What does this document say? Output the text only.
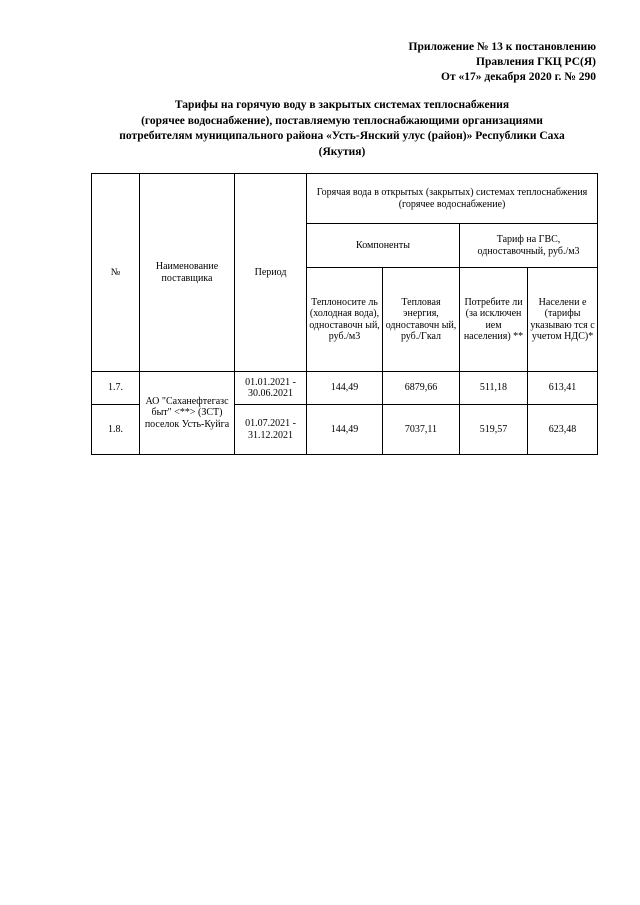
Приложение № 13 к постановлению
Правления ГКЦ РС(Я)
От «17» декабря 2020 г. № 290
Тарифы на горячую воду в закрытых системах теплоснабжения
(горячее водоснабжение), поставляемую теплоснабжающими организациями
потребителям муниципального района «Усть-Янский улус (район)» Республики Саха
(Якутия)
№	Наименование поставщика	Период	Горячая вода в открытых (закрытых) системах теплоснабжения (горячее водоснабжение)			
			Компоненты		Тариф на ГВС, одноставочный, руб./м3	
			Теплоносите ль (холодная вода), одноставочн ый, руб./м3	Тепловая энергия, одноставочн ый, руб./Гкал	Потребите ли (за исключен ием населения) **	Населени е (тарифы указываю тся с учетом НДС)*
1.7.	АО "Саханефтегазс быт" <**> (ЗСТ) поселок Усть-Куйга	01.01.2021 - 30.06.2021	144,49	6879,66	511,18	613,41
1.8.		01.07.2021 - 31.12.2021	144,49	7037,11	519,57	623,48
